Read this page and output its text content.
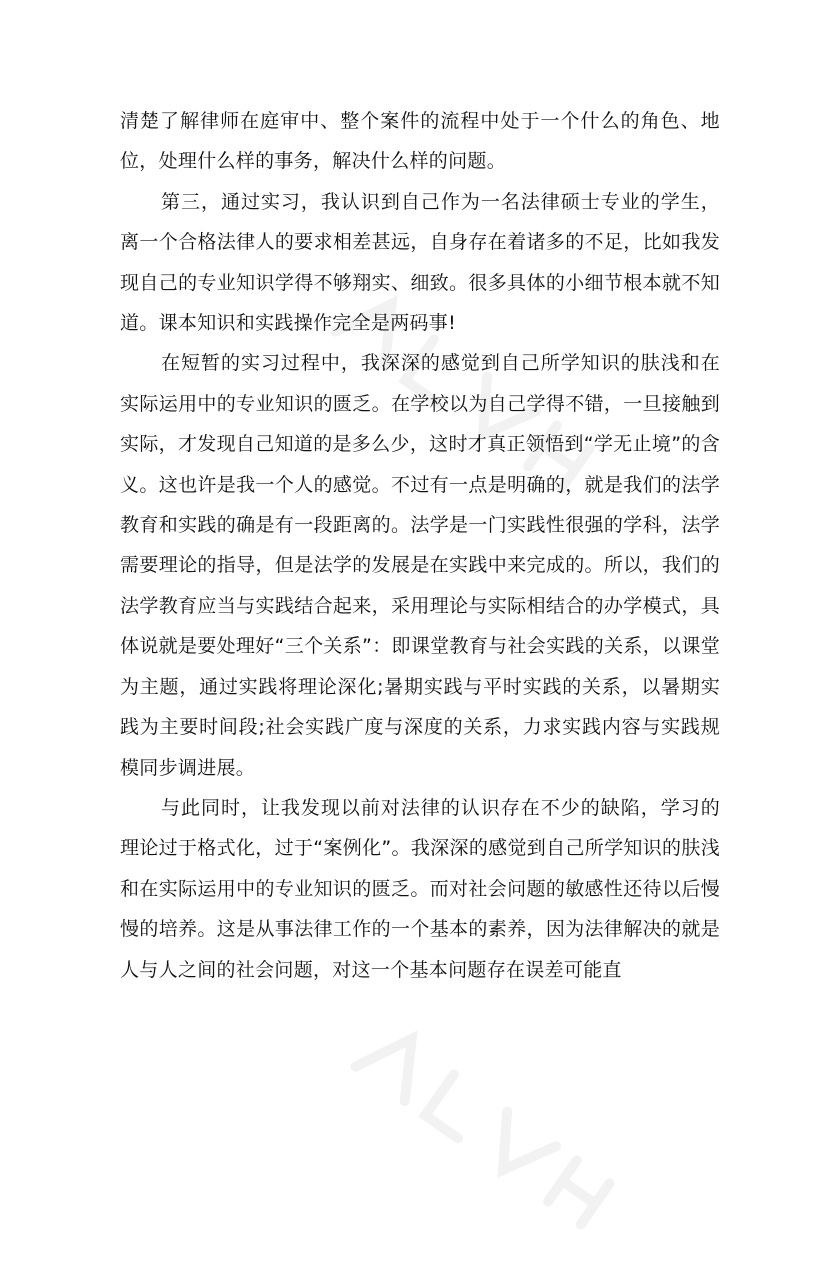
清楚了解律师在庭审中、整个案件的流程中处于一个什么的角色、地位，处理什么样的事务，解决什么样的问题。

第三，通过实习，我认识到自己作为一名法律硕士专业的学生，离一个合格法律人的要求相差甚远，自身存在着诸多的不足，比如我发现自己的专业知识学得不够翔实、细致。很多具体的小细节根本就不知道。课本知识和实践操作完全是两码事!

在短暂的实习过程中，我深深的感觉到自己所学知识的肤浅和在实际运用中的专业知识的匮乏。在学校以为自己学得不错，一旦接触到实际，才发现自己知道的是多么少，这时才真正领悟到“学无止境”的含义。这也许是我一个人的感觉。不过有一点是明确的，就是我们的法学教育和实践的确是有一段距离的。法学是一门实践性很强的学科，法学需要理论的指导，但是法学的发展是在实践中来完成的。所以，我们的法学教育应当与实践结合起来，采用理论与实际相结合的办学模式，具体说就是要处理好“三个关系”：即课堂教育与社会实践的关系，以课堂为主题，通过实践将理论深化;暑期实践与平时实践的关系，以暑期实践为主要时间段;社会实践广度与深度的关系，力求实践内容与实践规模同步调进展。

与此同时，让我发现以前对法律的认识存在不少的缺陷，学习的理论过于格式化，过于“案例化”。我深深的感觉到自己所学知识的肤浅和在实际运用中的专业知识的匮乏。而对社会问题的敏感性还待以后慢慢的培养。这是从事法律工作的一个基本的素养，因为法律解决的就是人与人之间的社会问题，对这一个基本问题存在误差可能直
